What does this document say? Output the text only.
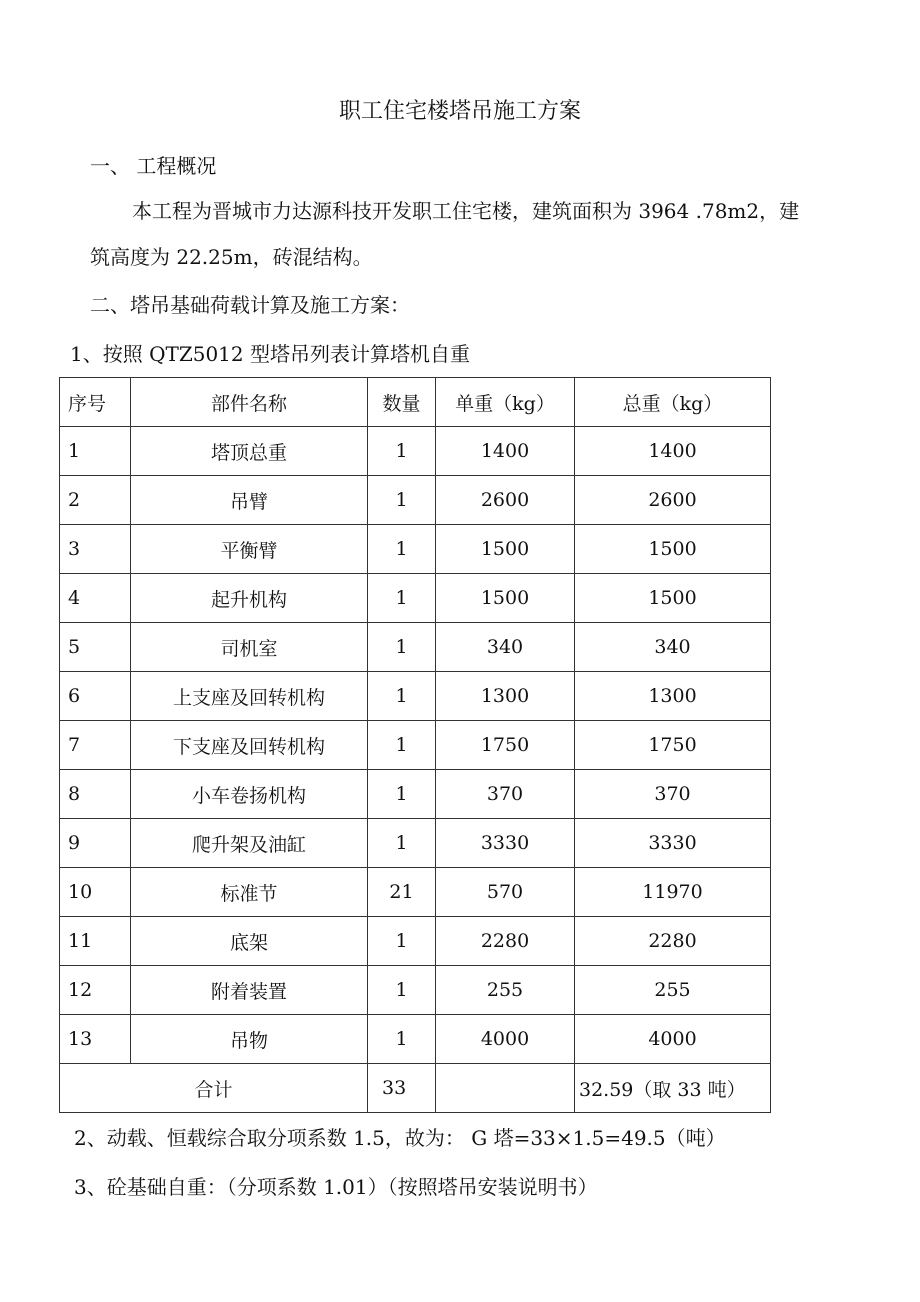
职工住宅楼塔吊施工方案
一、 工程概况
本工程为晋城市力达源科技开发职工住宅楼，建筑面积为 3964 .78m2，建
筑高度为 22.25m，砖混结构。
二、塔吊基础荷载计算及施工方案：
1、按照 QTZ5012 型塔吊列表计算塔机自重
序号	部件名称	数量	单重（kg）	总重（kg）
1	塔顶总重	1	1400	1400
2	吊臂	1	2600	2600
3	平衡臂	1	1500	1500
4	起升机构	1	1500	1500
5	司机室	1	340	340
6	上支座及回转机构	1	1300	1300
7	下支座及回转机构	1	1750	1750
8	小车卷扬机构	1	370	370
9	爬升架及油缸	1	3330	3330
10	标准节	21	570	11970
11	底架	1	2280	2280
12	附着装置	1	255	255
13	吊物	1	4000	4000
合计		33		32.59（取 33 吨）
2、动载、恒载综合取分项系数 1.5，故为： G 塔=33×1.5=49.5（吨）
3、砼基础自重：（分项系数 1.01）（按照塔吊安装说明书）
